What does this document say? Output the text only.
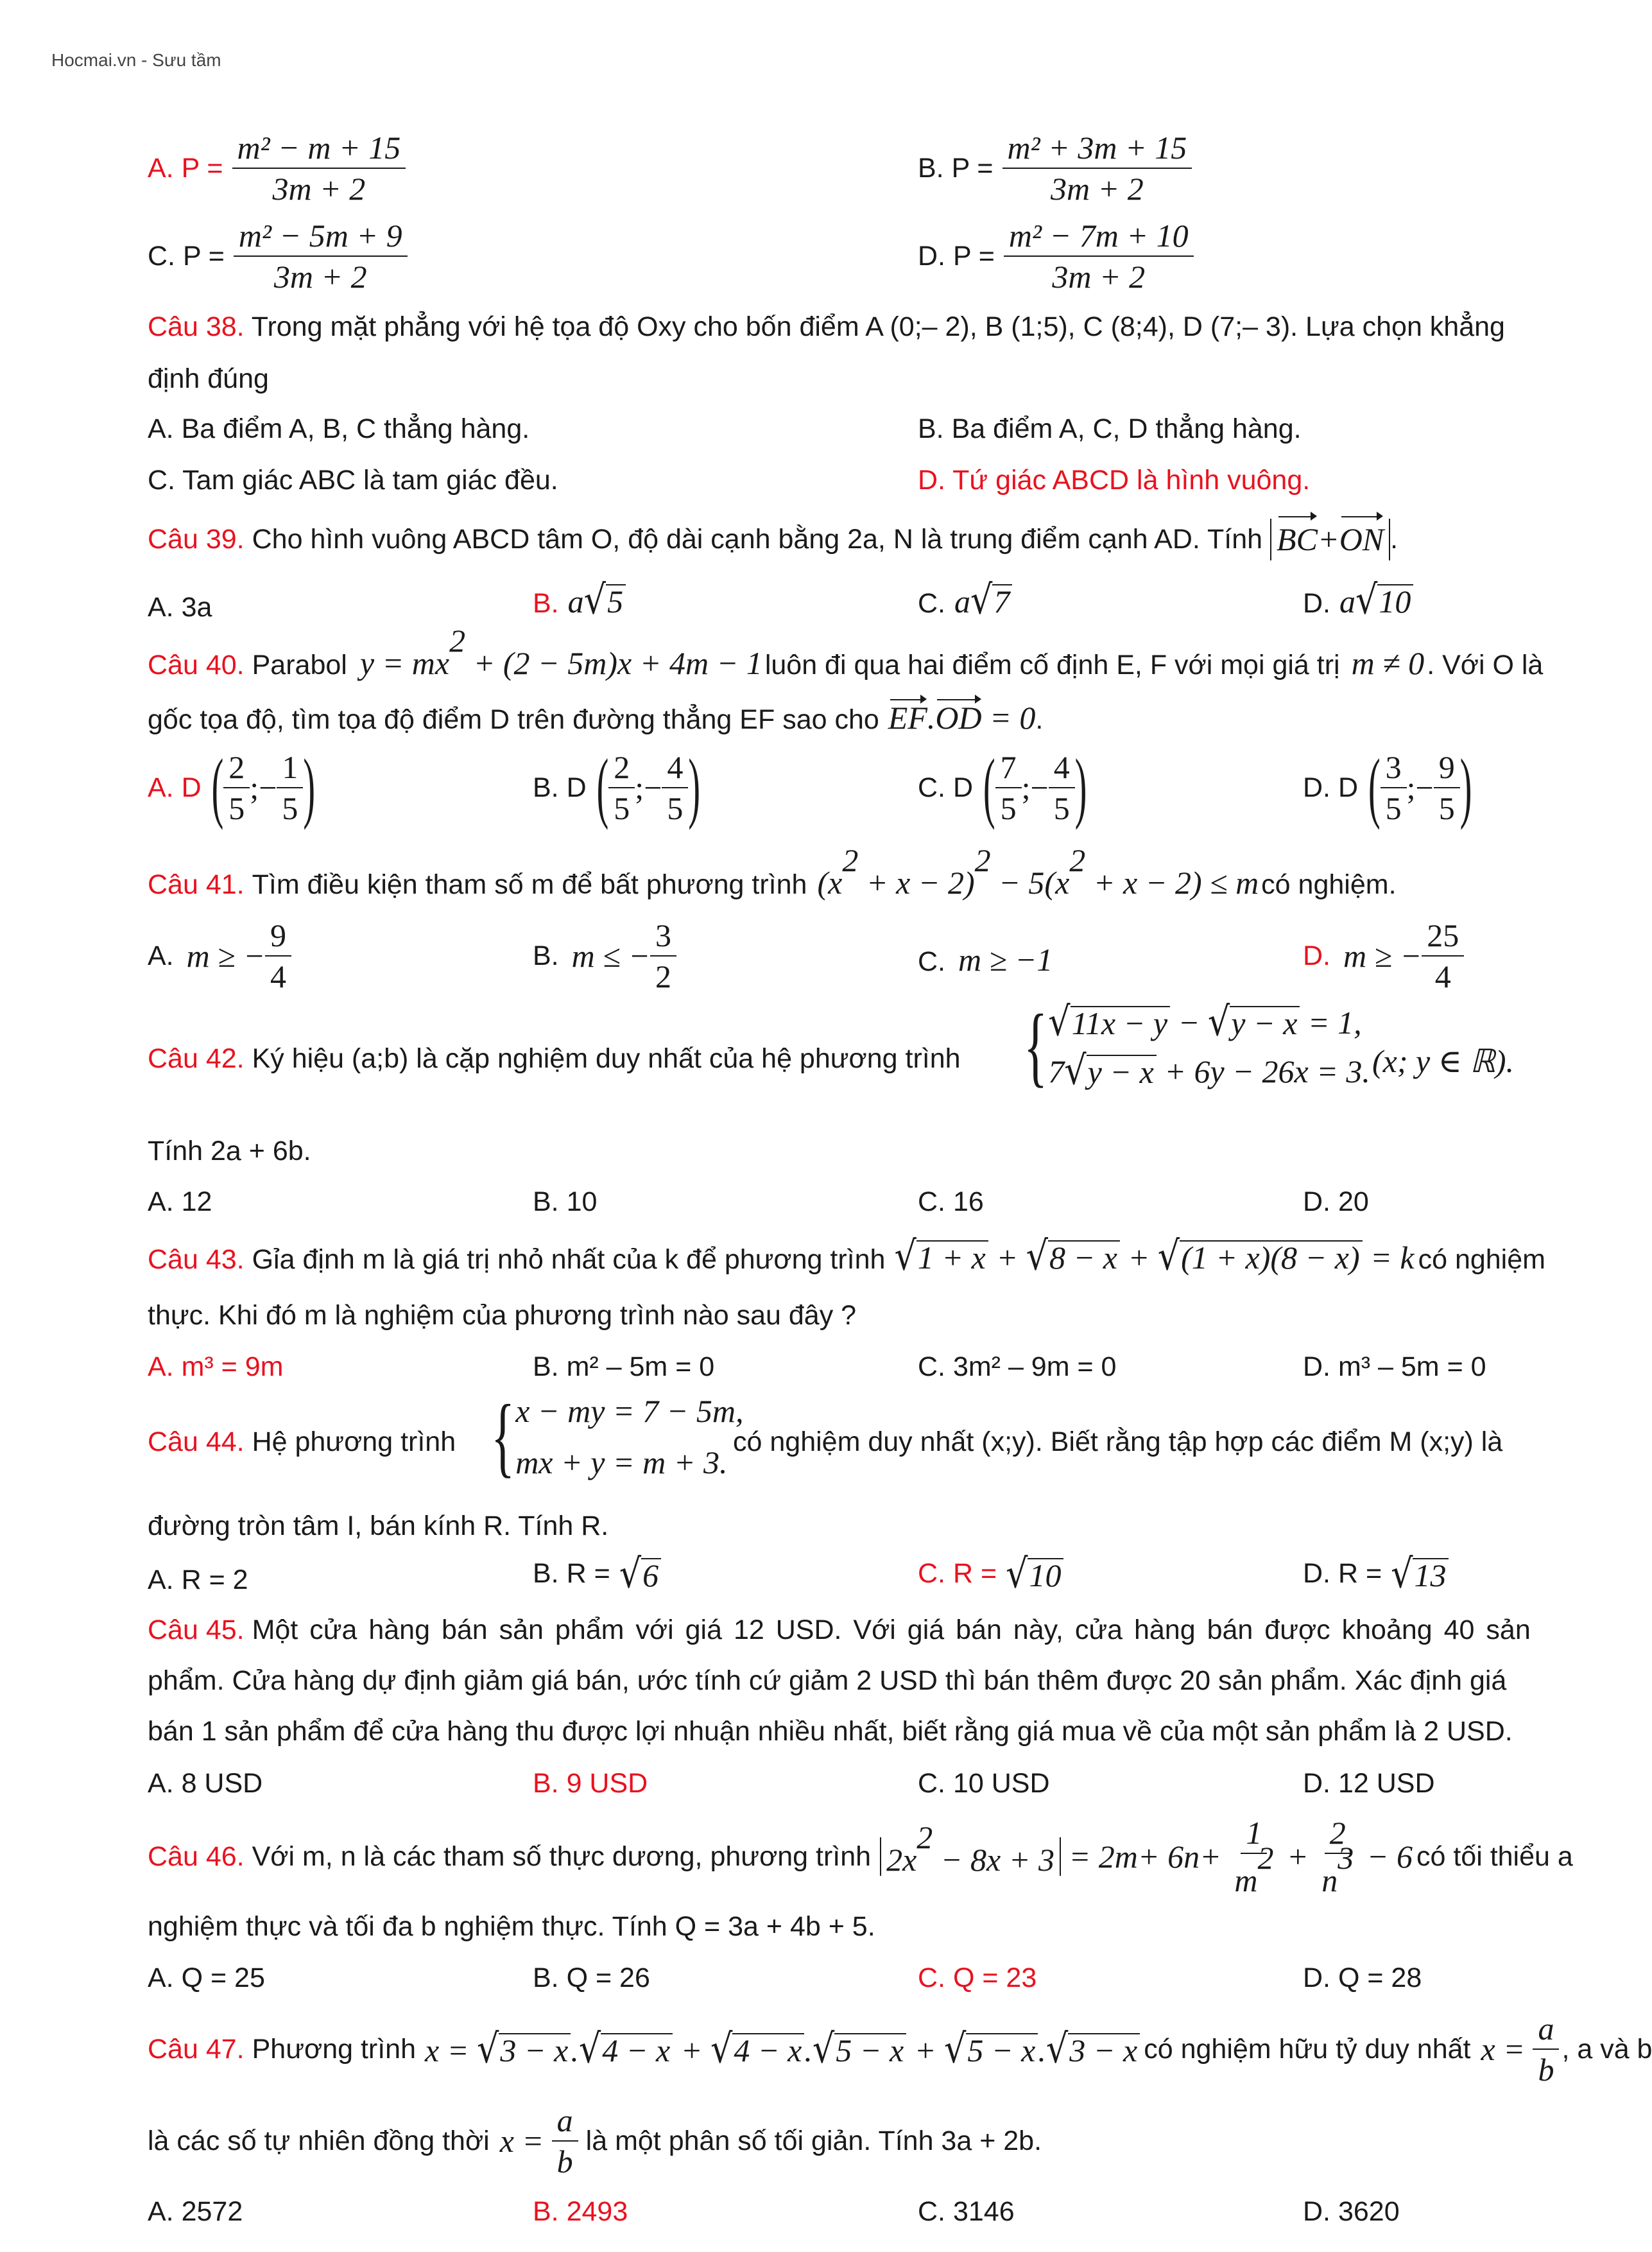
Hocmai.vn - Sưu tầm
A. $P = \frac{\text{m² − m + 15}}{3m + 2}$	B. $P = \frac{\text{m² + 3m + 15}}{3m + 2}$
C. $P = \frac{\text{m² − 5m + 9}}{3m + 2}$	D. $P = \frac{\text{m² − 7m + 10}}{3m + 2}$
Câu 38. Trong mặt phẳng với hệ tọa độ Oxy cho bốn điểm A (0;– 2), B (1;5), C (8;4), D (7;– 3). Lựa chọn khẳng
định đúng
A. Ba điểm A, B, C thẳng hàng.	B. Ba điểm A, C, D thẳng hàng.
C. Tam giác ABC là tam giác đều.	D. Tứ giác ABCD là hình vuông.
Câu 39. Cho hình vuông ABCD tâm O, độ dài cạnh bằng 2a, N là trung điểm cạnh AD. Tính BC+ON .
A. 3a	B. a √ 5	C. a √ 7	D. a √ 10
Câu 40. Parabol $y = mx^2 + (2 - 5m)x + 4m - 1$ luôn đi qua hai điểm cố định E, F với mọi giá trị m ≠ 0 . Với O là
gốc tọa độ, tìm tọa độ điểm D trên đường thẳng EF sao cho EF.OD = 0 .
A. D ( $\frac{2}{5}$ ;− $\frac{1}{5}$ )	B. D ( $\frac{2}{5}$ ;− $\frac{4}{5}$ )	C. D ( $\frac{7}{5}$ ;− $\frac{4}{5}$ )	D. D ( $\frac{3}{5}$ ;− $\frac{9}{5}$ )
Câu 41. Tìm điều kiện tham số m để bất phương trình $(x^2 + x - 2)^2 - 5(x^2 + x - 2) \le m$ có nghiệm.
A. m ≥ − $\frac{9}{4}$	B. m ≤ − $\frac{3}{2}$	C. m ≥ −1	D. m ≥ − $\frac{25}{4}$
Câu 42. Ký hiệu (a;b) là cặp nghiệm duy nhất của hệ phương trình { √ 11x − y − √ y − x = 1,
7 √ y − x + 6y − 26x = 3. (x; y ∈ ℝ).
Tính 2a + 6b.
A. 12	B. 10	C. 16	D. 20
Câu 43. Gỉa định m là giá trị nhỏ nhất của k để phương trình √ 1 + x + √ 8 − x + √ (1 + x)(8 − x) = k có nghiệm
thực. Khi đó m là nghiệm của phương trình nào sau đây ?
A. m³ = 9m	B. m² – 5m = 0	C. 3m² – 9m = 0	D. m³ – 5m = 0
Câu 44. Hệ phương trình { x − my = 7 − 5m,
mx + y = m + 3.
có nghiệm duy nhất (x;y). Biết rằng tập hợp các điểm M (x;y) là
đường tròn tâm I, bán kính R. Tính R.
A. R = 2	B. R = √ 6	C. R = √ 10	D. R = √ 13
Câu 45. Một cửa hàng bán sản phẩm với giá 12 USD. Với giá bán này, cửa hàng bán được khoảng 40 sản
phẩm. Cửa hàng dự định giảm giá bán, ước tính cứ giảm 2 USD thì bán thêm được 20 sản phẩm. Xác định giá
bán 1 sản phẩm để cửa hàng thu được lợi nhuận nhiều nhất, biết rằng giá mua về của một sản phẩm là 2 USD.
A. 8 USD	B. 9 USD	C. 10 USD	D. 12 USD
Câu 46. Với m, n là các tham số thực dương, phương trình $2x^2 - 8x + 3 = 2$ m + 6 $n + \frac{1}{m^2} + \frac{2}{n^3} - 6$ có tối thiểu a
nghiệm thực và tối đa b nghiệm thực. Tính Q = 3a + 4b + 5.
A. Q = 25	B. Q = 26	C. Q = 23	D. Q = 28
Câu 47. Phương trình x = √ 3 − x . √ 4 − x + √ 4 − x . √ 5 − x + √ 5 − x . √ 3 − x có nghiệm hữu tỷ duy nhất $x = \frac{a}{b}$ , a và b
là các số tự nhiên đồng thời $x = \frac{a}{b}$ là một phân số tối giản. Tính 3a + 2b.
A. 2572	B. 2493	C. 3146	D. 3620
